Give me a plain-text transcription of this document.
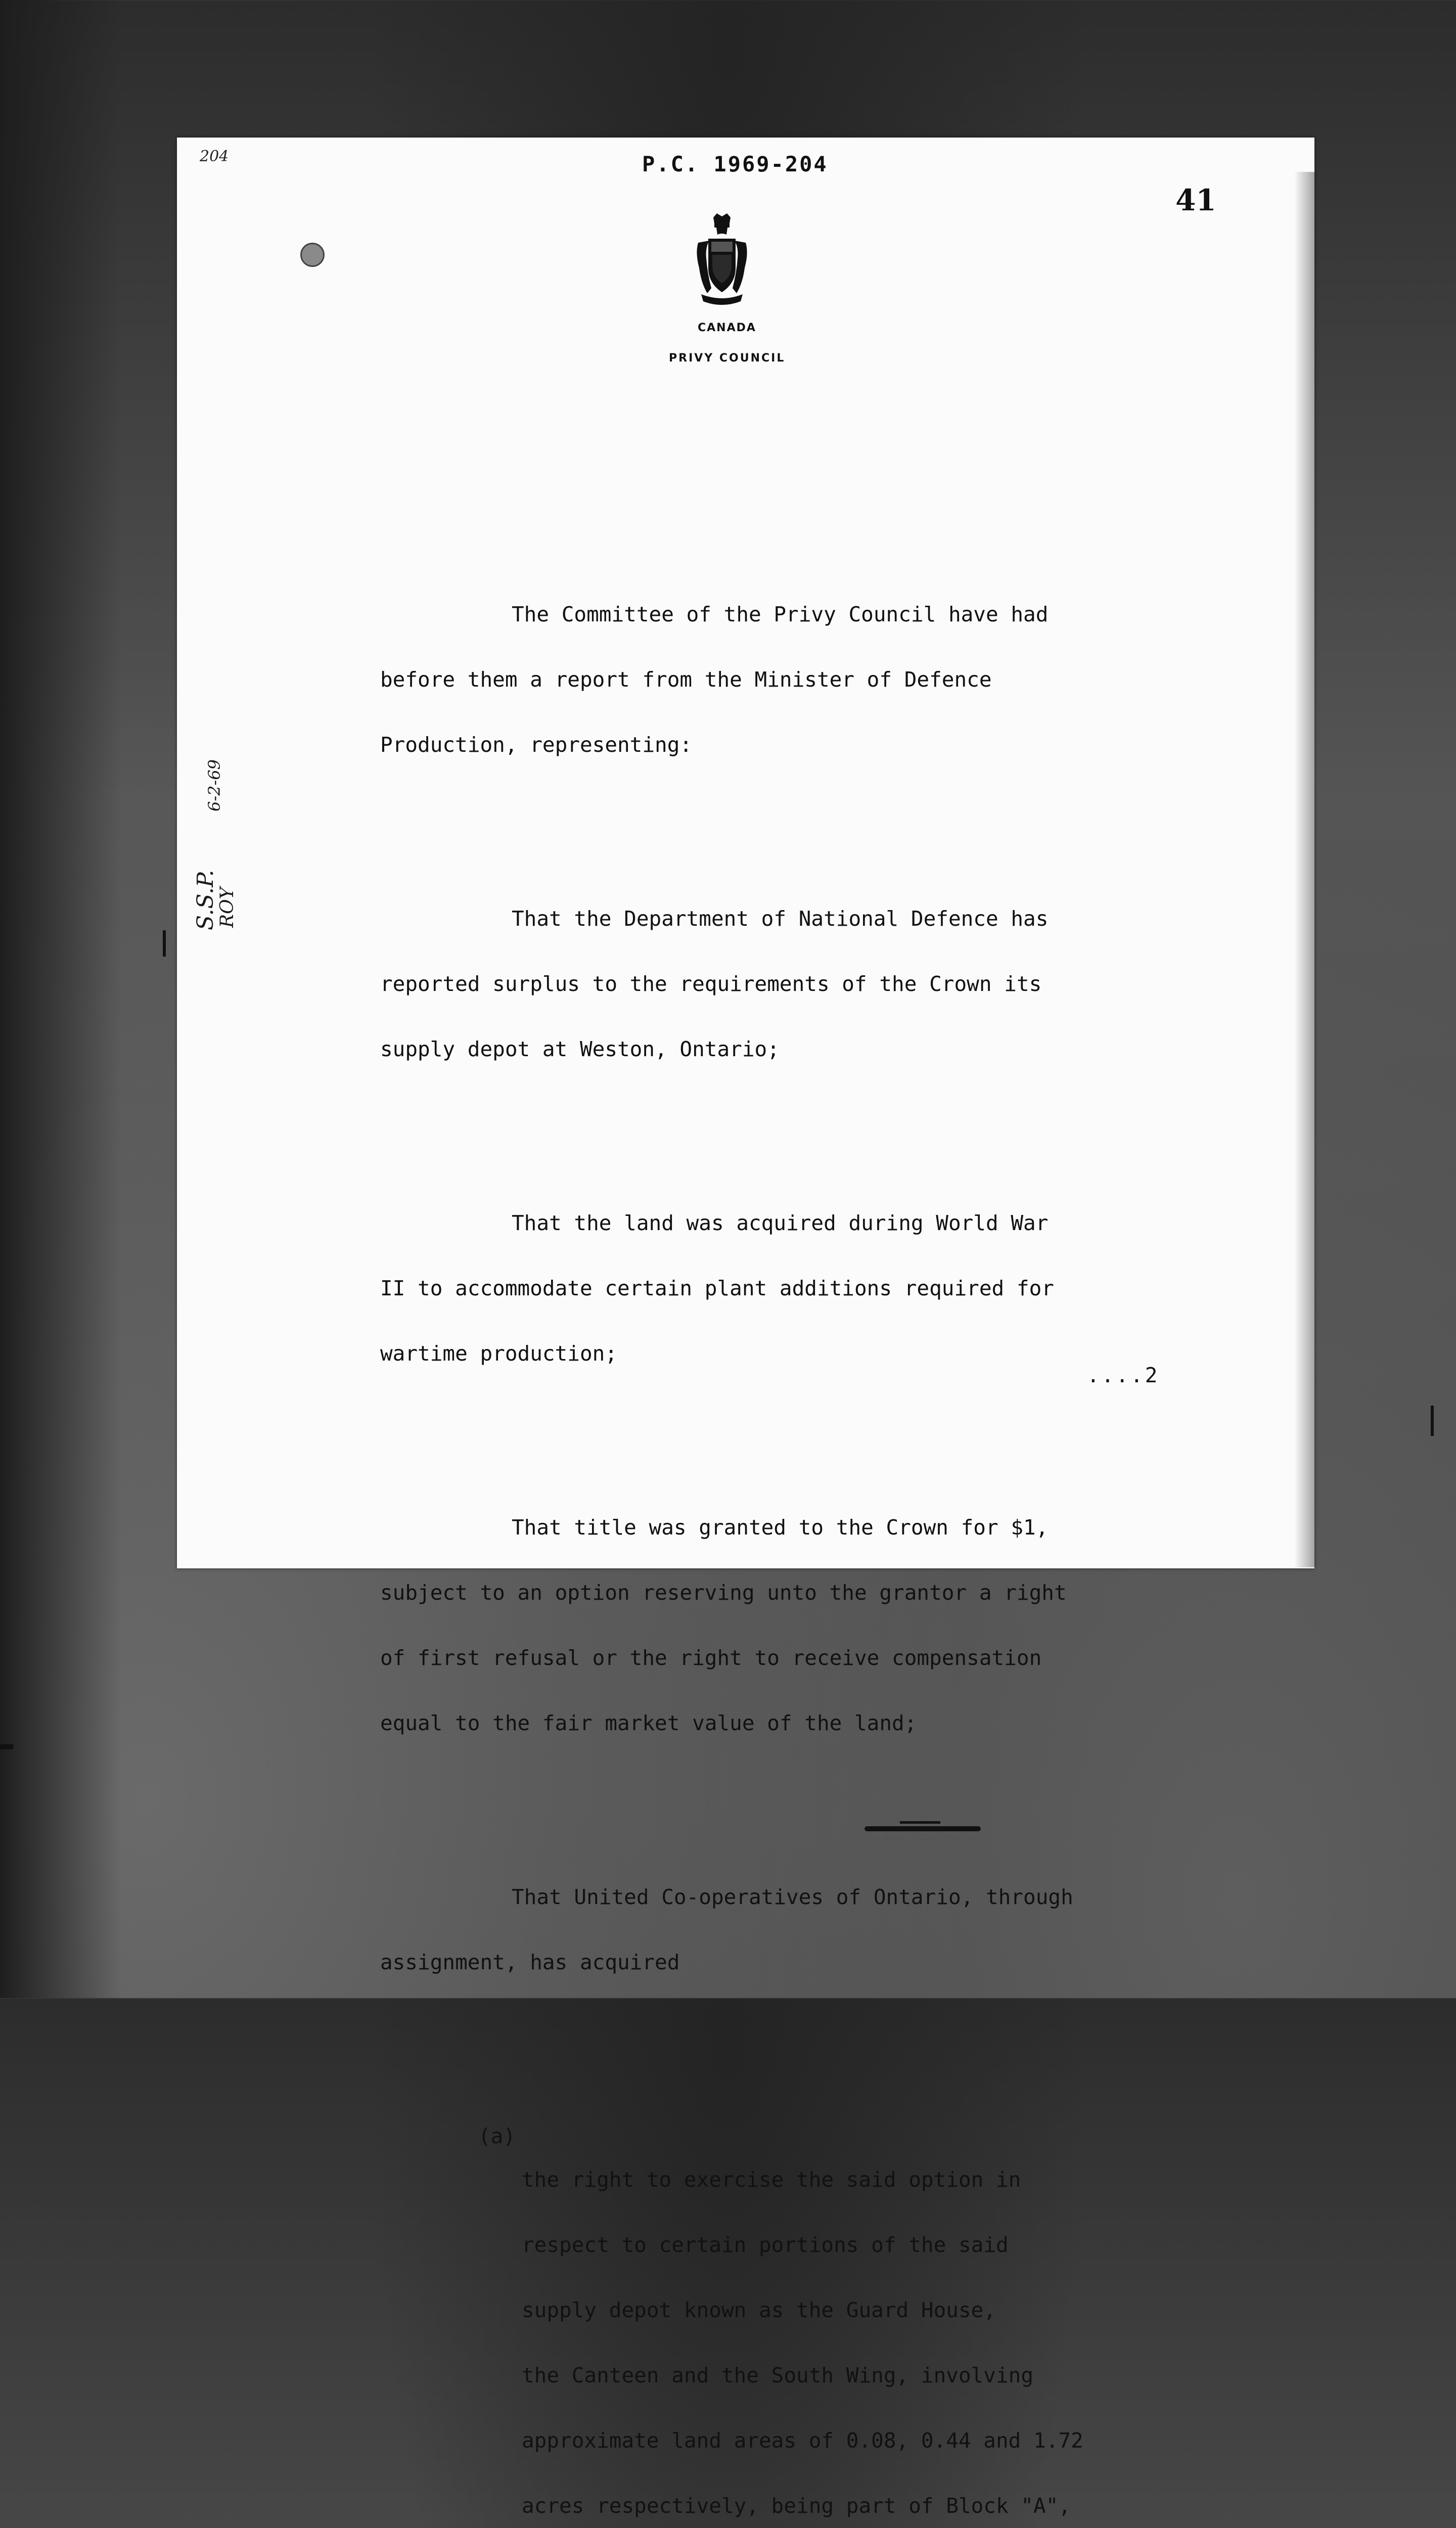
204	P.C. 1969-204
41
CANADA
PRIVY COUNCIL
6-2-69
S.S.P.
ROY

The Committee of the Privy Council have had

before them a report from the Minister of Defence

Production, representing:

That the Department of National Defence has

reported surplus to the requirements of the Crown its

supply depot at Weston, Ontario;

That the land was acquired during World War

II to accommodate certain plant additions required for

wartime production;

That title was granted to the Crown for $1,

subject to an option reserving unto the grantor a right

of first refusal or the right to receive compensation

equal to the fair market value of the land;

That United Co-operatives of Ontario, through

assignment, has acquired

(a)

the right to exercise the said option in

respect to certain portions of the said

supply depot known as the Guard House,

the Canteen and the South Wing, involving

approximate land areas of 0.08, 0.44 and 1.72

acres respectively, being part of Block "A",

....2
